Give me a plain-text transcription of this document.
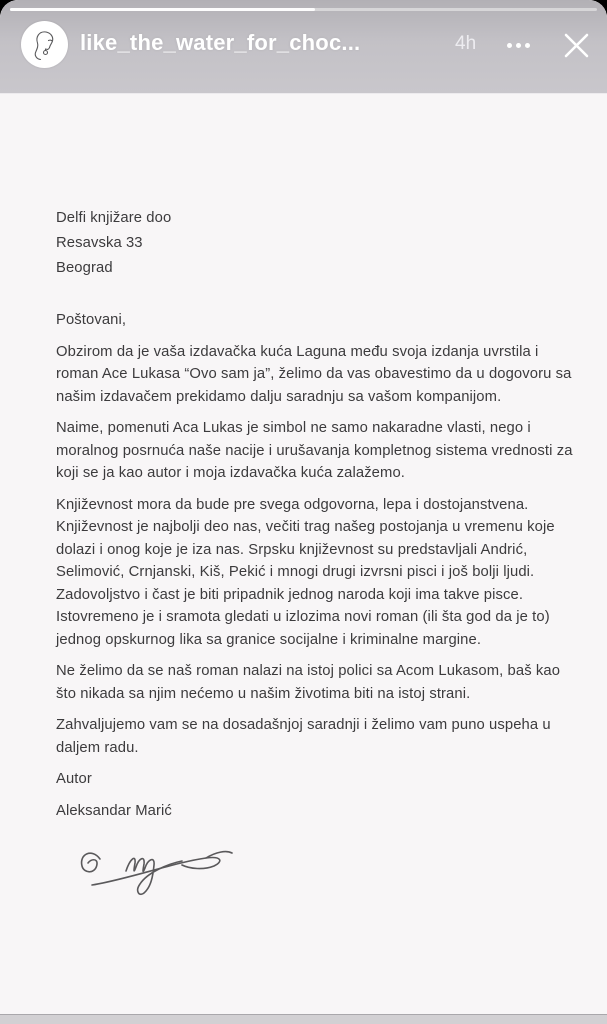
Delfi knjižare doo
Resavska 33
Beograd

Poštovani,

Obzirom da je vaša izdavačka kuća Laguna među svoja izdanja uvrstila i roman Ace Lukasa “Ovo sam ja”, želimo da vas obavestimo da u dogovoru sa našim izdavačem prekidamo dalju saradnju sa vašom kompanijom.

Naime, pomenuti Aca Lukas je simbol ne samo nakaradne vlasti, nego i moralnog posrnuća naše nacije i urušavanja kompletnog sistema vrednosti za koji se ja kao autor i moja izdavačka kuća zalažemo.

Književnost mora da bude pre svega odgovorna, lepa i dostojanstvena. Književnost je najbolji deo nas, večiti trag našeg postojanja u vremenu koje dolazi i onog koje je iza nas. Srpsku književnost su predstavljali Andrić, Selimović, Crnjanski, Kiš, Pekić i mnogi drugi izvrsni pisci i još bolji ljudi. Zadovoljstvo i čast je biti pripadnik jednog naroda koji ima takve pisce. Istovremeno je i sramota gledati u izlozima novi roman (ili šta god da je to) jednog opskurnog lika sa granice socijalne i kriminalne margine.

Ne želimo da se naš roman nalazi na istoj polici sa Acom Lukasom, baš kao što nikada sa njim nećemo u našim životima biti na istoj strani.

Zahvaljujemo vam se na dosadašnjoj saradnji i želimo vam puno uspeha u daljem radu.

Autor

Aleksandar Marić

like_the_water_for_choc...	4h
